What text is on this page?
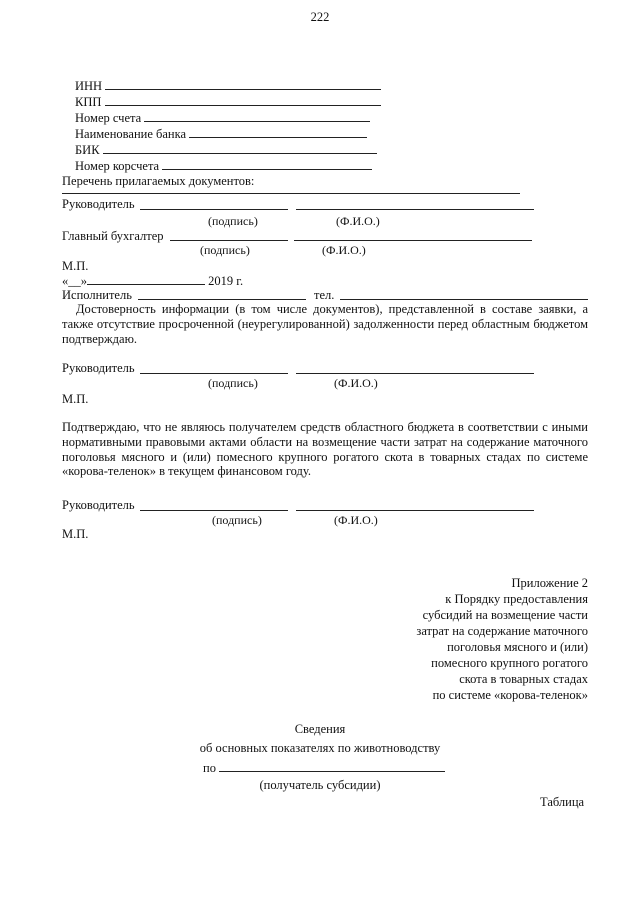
222
ИНН
КПП
Номер счета
Наименование банка
БИК
Номер корсчета
Перечень прилагаемых документов:
Руководитель
(подпись)	(Ф.И.О.)
Главный бухгалтер
(подпись)	(Ф.И.О.)
М.П.
«__»	2019 г.
Исполнитель	тел.
Достоверность информации (в том числе документов), представленной в составе заявки, а также отсутствие просроченной (неурегулированной) задолженности перед областным бюджетом подтверждаю.
Руководитель
(подпись)	(Ф.И.О.)
М.П.
Подтверждаю, что не являюсь получателем средств областного бюджета в соответствии с иными нормативными правовыми актами области на возмещение части затрат на содержание маточного поголовья мясного и (или) помесного крупного рогатого скота в товарных стадах по системе «корова-теленок» в текущем финансовом году.
Руководитель
(подпись)	(Ф.И.О.)
М.П.
Приложение 2
к Порядку предоставления
субсидий на возмещение части
затрат на содержание маточного
поголовья мясного и (или)
помесного крупного рогатого
скота в товарных стадах
по системе «корова-теленок»
Сведения
об основных показателях по животноводству
по
(получатель субсидии)
Таблица
